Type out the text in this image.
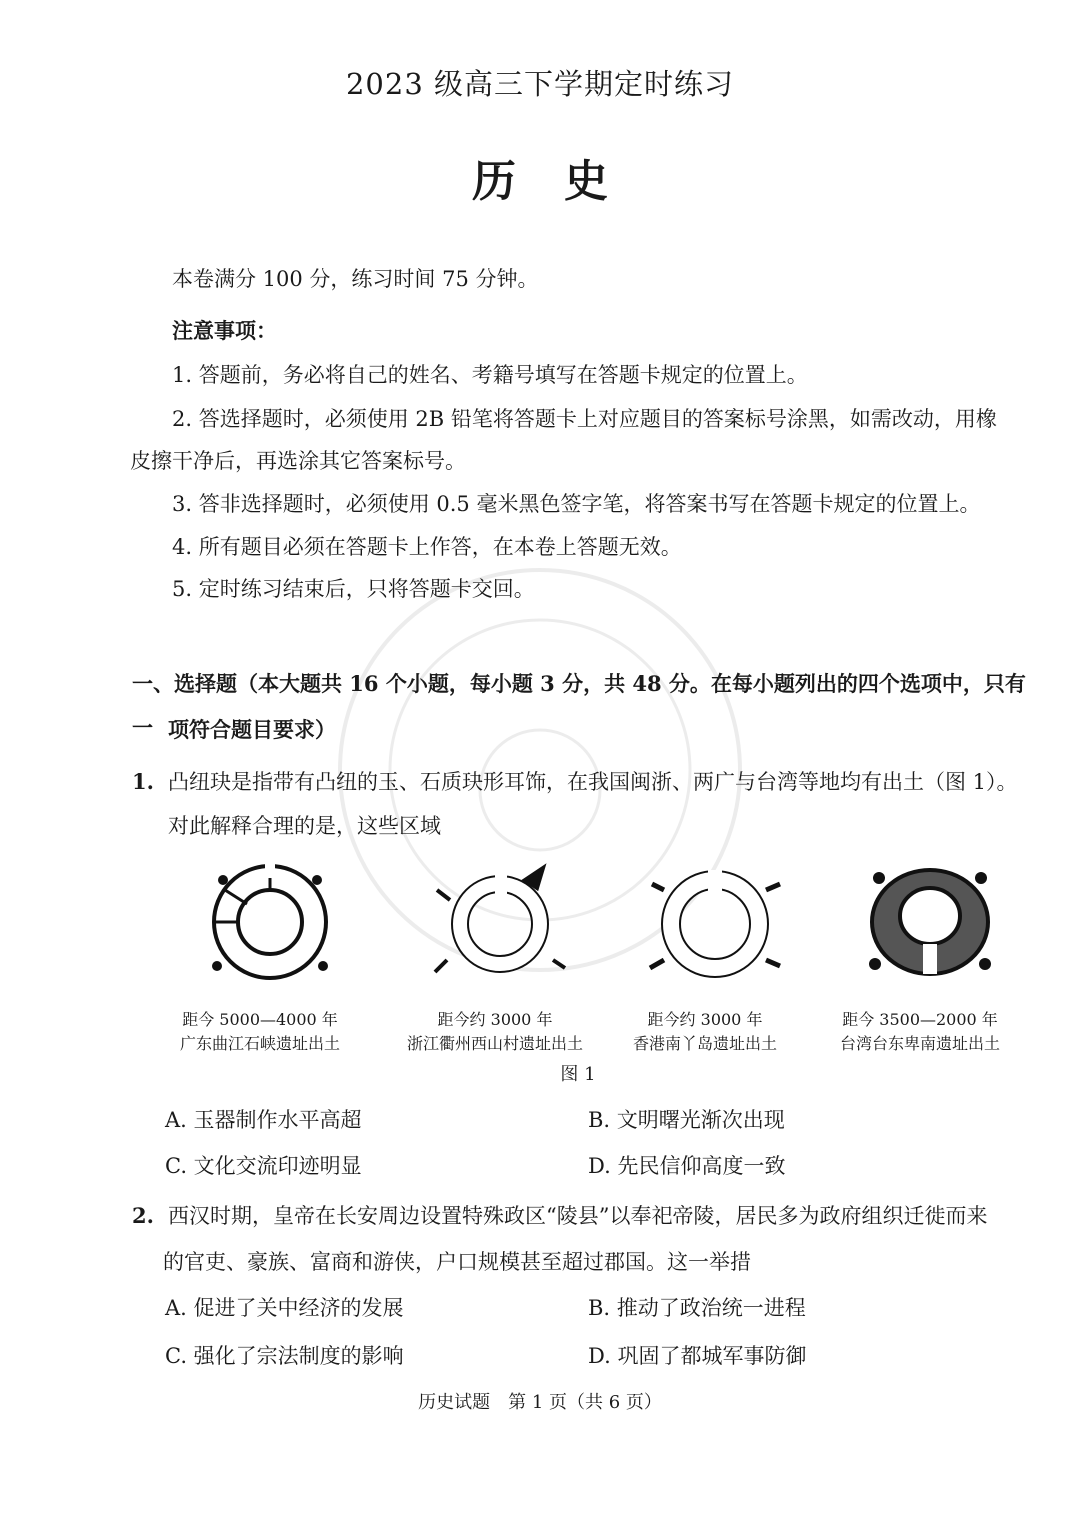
2023 级高三下学期定时练习
历史
本卷满分 100 分，练习时间 75 分钟。
注意事项：
1. 答题前，务必将自己的姓名、考籍号填写在答题卡规定的位置上。
2. 答选择题时，必须使用 2B 铅笔将答题卡上对应题目的答案标号涂黑，如需改动，用橡
皮擦干净后，再选涂其它答案标号。
3. 答非选择题时，必须使用 0.5 毫米黑色签字笔，将答案书写在答题卡规定的位置上。
4. 所有题目必须在答题卡上作答，在本卷上答题无效。
5. 定时练习结束后，只将答题卡交回。
一、选择题（本大题共 16 个小题，每小题 3 分，共 48 分。在每小题列出的四个选项中，只有一 项符合题目要求）
1. 凸纽玦是指带有凸纽的玉、石质玦形耳饰，在我国闽浙、两广与台湾等地均有出土（图 1）。
对此解释合理的是，这些区域
距今 5000—4000 年
广东曲江石峡遗址出土
距今约 3000 年
浙江衢州西山村遗址出土
距今约 3000 年
香港南丫岛遗址出土
距今 3500—2000 年
台湾台东卑南遗址出土
图 1
A. 玉器制作水平高超	B. 文明曙光渐次出现
C. 文化交流印迹明显	D. 先民信仰高度一致
2. 西汉时期，皇帝在长安周边设置特殊政区“陵县”以奉祀帝陵，居民多为政府组织迁徙而来
的官吏、豪族、富商和游侠，户口规模甚至超过郡国。这一举措
A. 促进了关中经济的发展	B. 推动了政治统一进程
C. 强化了宗法制度的影响	D. 巩固了都城军事防御
历史试题　第 1 页（共 6 页）
